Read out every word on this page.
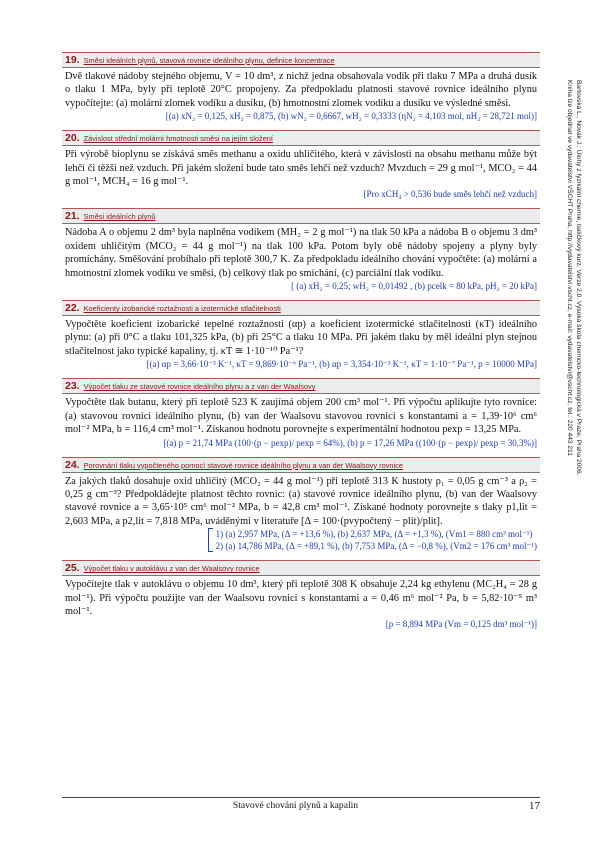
Bartovská L., Novák J.: Úlohy z fyzikální chemie, balíčkový kurz. Verze 2.0. Vysoká škola chemicko-technologická v Praze, Praha 2006.
Kniha lze objednat ve vydavatelství VŠCHT Praha, http://vydavatelstvi.vscht.cz, e-mail: vydavatelstvi@vscht.cz, tel.: 220 443 211
19. Směsi ideálních plynů, stavová rovnice ideálního plynu, definice koncentrace
Dvě tlakové nádoby stejného objemu, V = 10 dm³, z nichž jedna obsahovala vodík při tlaku 7 MPa a druhá dusík o tlaku 1 MPa, byly při teplotě 20°C propojeny. Za předpokladu platnosti stavové rovnice ideálního plynu vypočítejte: (a) molární zlomek vodíku a dusíku, (b) hmotnostní zlomek vodíku a dusíku ve výsledné směsi.
[(a) xN₂ = 0,125, xH₂ = 0,875, (b) wN₂ = 0,6667, wH₂ = 0,3333 (ηN₂ = 4,103 mol, nH₂ = 28,721 mol)]
20. Závislost střední molární hmotnosti směsi na jejím složení
Při výrobě bioplynu se získává směs methanu a oxidu uhličitého, která v závislosti na obsahu methanu může být lehčí či těžší než vzduch. Při jakém složení bude tato směs lehčí než vzduch? Mvzduch = 29 g mol⁻¹, MCO₂ = 44 g mol⁻¹, MCH₄ = 16 g mol⁻¹.
[Pro xCH₄ > 0,536 bude směs lehčí než vzduch]
21. Směsi ideálních plynů
Nádoba A o objemu 2 dm³ byla naplněna vodíkem (MH₂ = 2 g mol⁻¹) na tlak 50 kPa a nádoba B o objemu 3 dm³ oxidem uhličitým (MCO₂ = 44 g mol⁻¹) na tlak 100 kPa. Potom byly obě nádoby spojeny a plyny byly promíchány. Směšování probíhalo při teplotě 300,7 K. Za předpokladu ideálního chování vypočtěte: (a) molární a hmotnostní zlomek vodíku ve směsi, (b) celkový tlak po smíchání, (c) parciální tlak vodíku.
[ (a) xH₂ = 0,25; wH₂ = 0,01492 , (b) pcelk = 80 kPa, pH₂ = 20 kPa]
22. Koeficienty izobarické roztažnosti a izotermické stlačitelnosti
Vypočtěte koeficient izobarické tepelné roztažnosti (αp) a koeficient izotermické stlačitelnosti (κT) ideálního plynu: (a) při 0°C a tlaku 101,325 kPa, (b) při 25°C a tlaku 10 MPa. Při jakém tlaku by měl ideální plyn stejnou stlačitelnost jako typické kapaliny, tj. κT ≅ 1·10⁻¹⁰ Pa⁻¹?
[(a) αp = 3,66·10⁻³ K⁻¹, κT = 9,869·10⁻⁶ Pa⁻¹, (b) αp = 3,354·10⁻³ K⁻¹, κT = 1·10⁻⁷ Pa⁻¹, p = 10000 MPa]
23. Výpočet tlaku ze stavové rovnice ideálního plynu a z van der Waalsovy
Vypočtěte tlak butanu, který při teplotě 523 K zaujímá objem 200 cm³ mol⁻¹. Při výpočtu aplikujte tyto rovnice: (a) stavovou rovnici ideálního plynu, (b) van der Waalsovu stavovou rovnici s konstantami a = 1,39·10⁶ cm⁶ mol⁻² MPa, b = 116,4 cm³ mol⁻¹. Získanou hodnotu porovnejte s experimentální hodnotou pexp = 13,25 MPa.
[(a) p = 21,74 MPa (100·(p − pexp)/ pexp = 64%), (b) p = 17,26 MPa ((100·(p − pexp)/ pexp = 30,3%)]
24. Porovnání tlaku vypočteného pomocí stavové rovnice ideálního plynu a van der Waalsovy rovnice
Za jakých tlaků dosahuje oxid uhličitý (MCO₂ = 44 g mol⁻¹) při teplotě 313 K hustoty ρ₁ = 0,05 g cm⁻³ a ρ₂ = 0,25 g cm⁻³? Předpokládejte platnost těchto rovnic: (a) stavové rovnice ideálního plynu, (b) van der Waalsovy stavové rovnice a = 3,65·10⁵ cm⁶ mol⁻² MPa, b = 42,8 cm³ mol⁻¹. Získané hodnoty porovnejte s tlaky p1,lit = 2,603 MPa, a p2,lit = 7,818 MPa, uváděnými v literatuře [Δ = 100·(pvypočtený − plit)/plit].
1) (a) 2,957 MPa, (Δ = +13,6 %), (b) 2,637 MPa, (Δ = +1,3 %), (Vm1 = 880 cm³ mol⁻¹)
2) (a) 14,786 MPa, (Δ = +89,1 %), (b) 7,753 MPa, (Δ = −0,8 %), (Vm2 = 176 cm³ mol⁻¹)
25. Výpočet tlaku v autoklávu z van der Waalsovy rovnice
Vypočítejte tlak v autoklávu o objemu 10 dm³, který při teplotě 308 K obsahuje 2,24 kg ethylenu (MC₂H₄ = 28 g mol⁻¹). Při výpočtu použijte van der Waalsovu rovnici s konstantami a = 0,46 m⁶ mol⁻² Pa, b = 5,82·10⁻⁵ m³ mol⁻¹.
[p = 8,894 MPa (Vm = 0,125 dm³ mol⁻¹)]
Stavové chování plynů a kapalin	17
